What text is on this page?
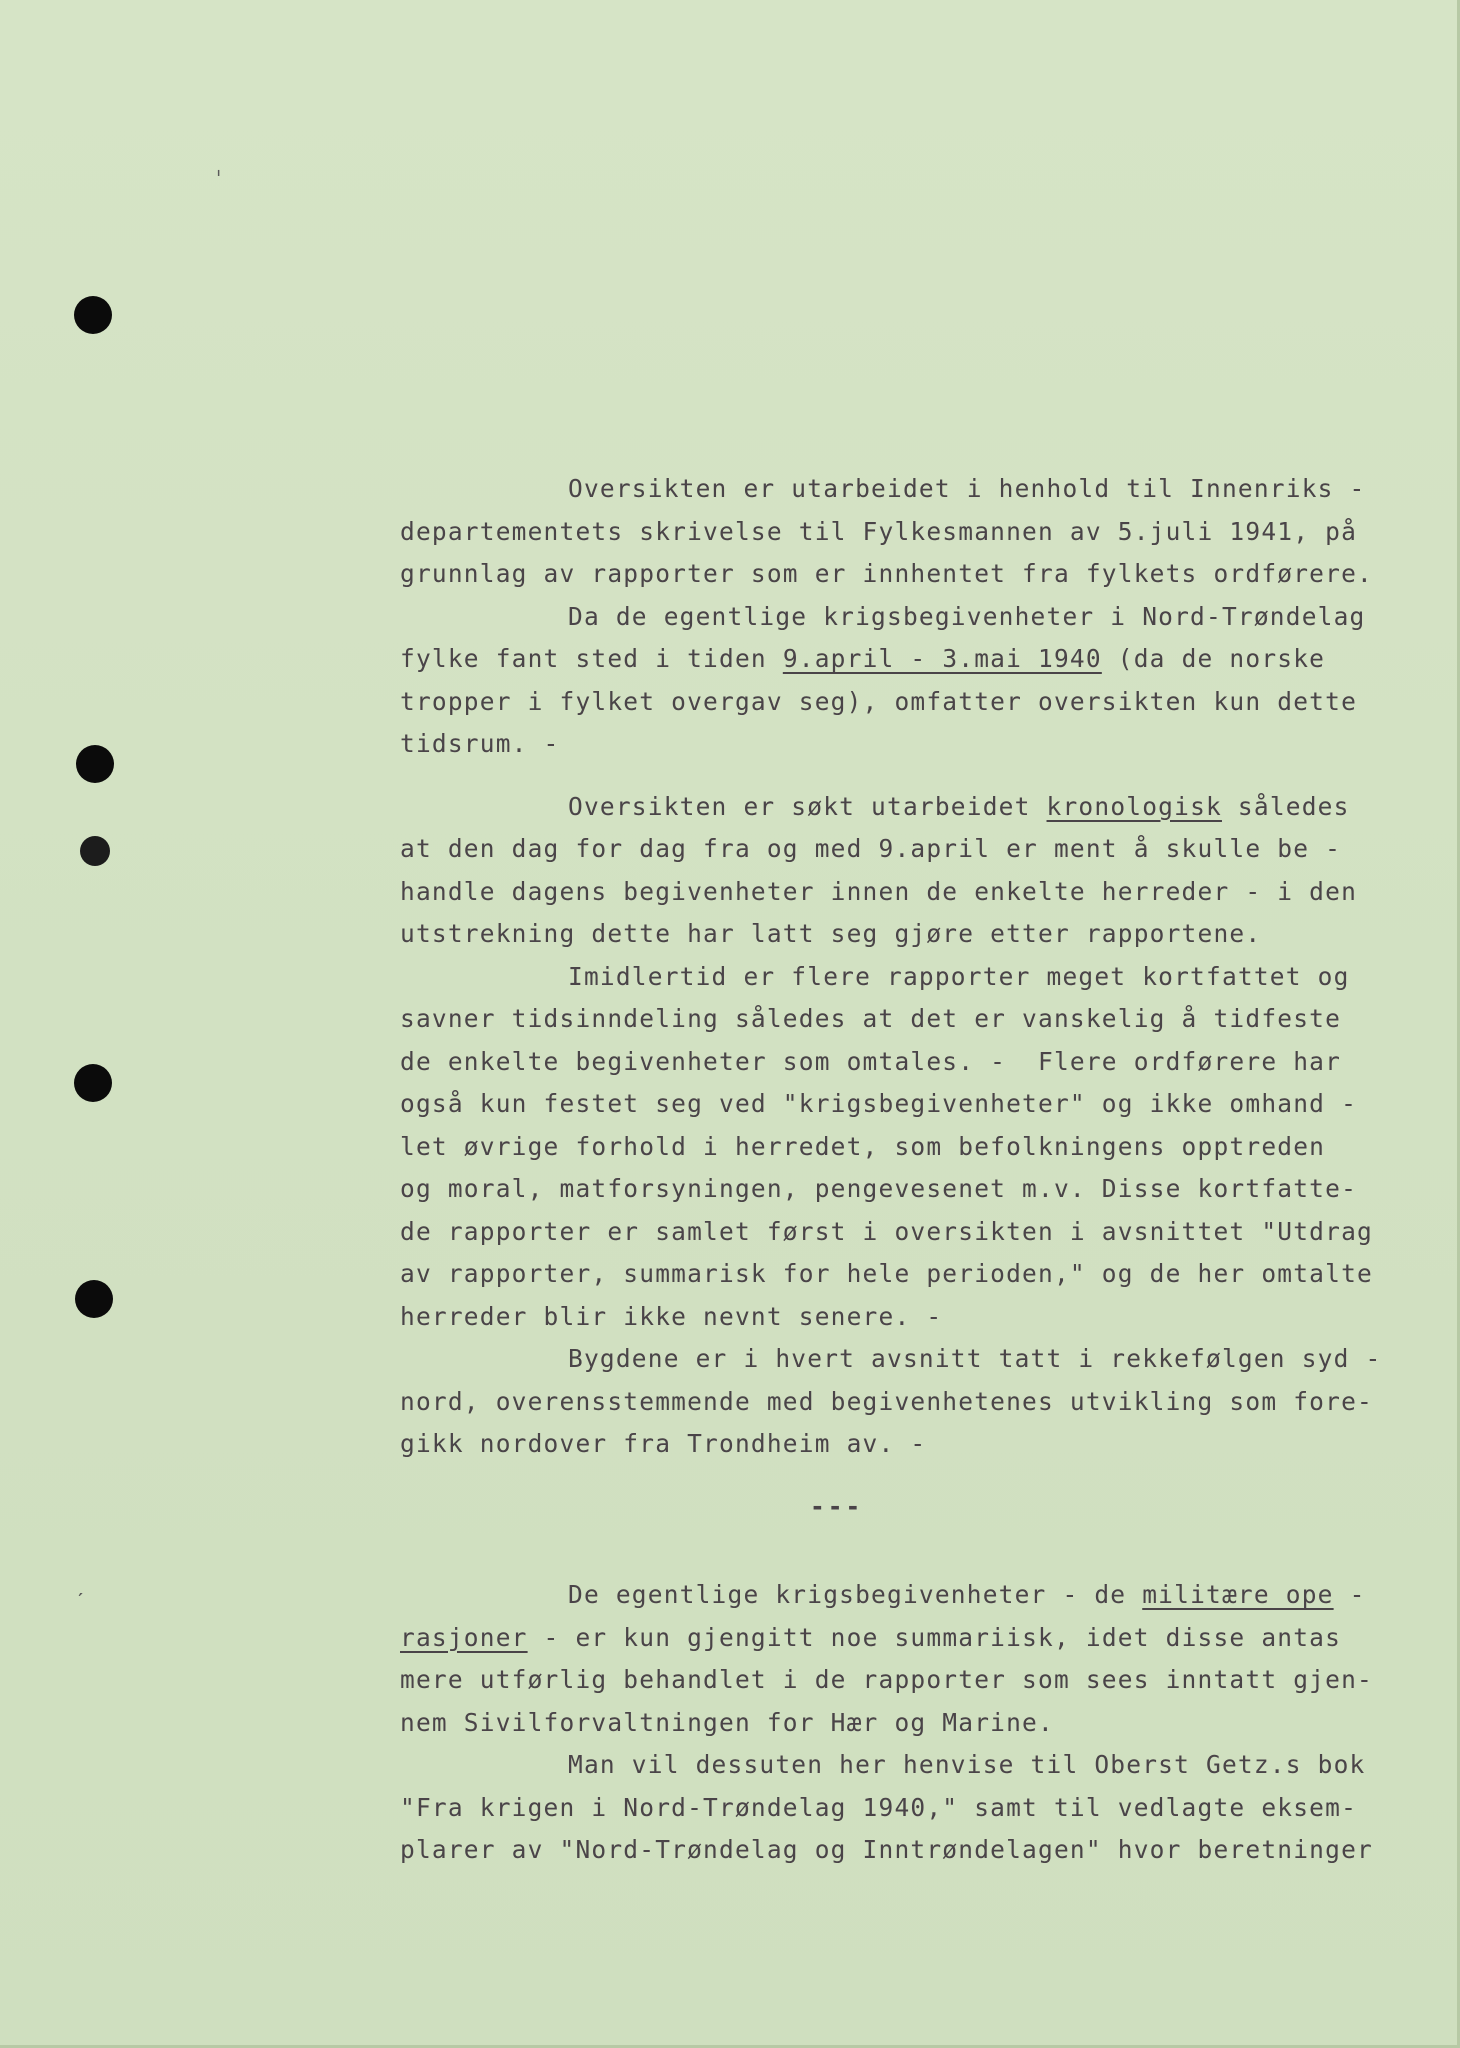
ˈ
ˊ
Oversikten er utarbeidet i henhold til Innenriks -
departementets skrivelse til Fylkesmannen av 5.juli 1941, på
grunnlag av rapporter som er innhentet fra fylkets ordførere.
Da de egentlige krigsbegivenheter i Nord-Trøndelag
fylke fant sted i tiden 9.april - 3.mai 1940 (da de norske
tropper i fylket overgav seg), omfatter oversikten kun dette
tidsrum. -
Oversikten er søkt utarbeidet kronologisk således
at den dag for dag fra og med 9.april er ment å skulle be -
handle dagens begivenheter innen de enkelte herreder - i den
utstrekning dette har latt seg gjøre etter rapportene.
Imidlertid er flere rapporter meget kortfattet og
savner tidsinndeling således at det er vanskelig å tidfeste
de enkelte begivenheter som omtales. -  Flere ordførere har
også kun festet seg ved "krigsbegivenheter" og ikke omhand -
let øvrige forhold i herredet, som befolkningens opptreden
og moral, matforsyningen, pengevesenet m.v. Disse kortfatte-
de rapporter er samlet først i oversikten i avsnittet "Utdrag
av rapporter, summarisk for hele perioden," og de her omtalte
herreder blir ikke nevnt senere. -
Bygdene er i hvert avsnitt tatt i rekkefølgen syd -
nord, overensstemmende med begivenhetenes utvikling som fore-
gikk nordover fra Trondheim av. -
---
De egentlige krigsbegivenheter - de militære ope -
rasjoner - er kun gjengitt noe summariisk, idet disse antas
mere utførlig behandlet i de rapporter som sees inntatt gjen-
nem Sivilforvaltningen for Hær og Marine.
Man vil dessuten her henvise til Oberst Getz.s bok
"Fra krigen i Nord-Trøndelag 1940," samt til vedlagte eksem-
plarer av "Nord-Trøndelag og Inntrøndelagen" hvor beretninger
